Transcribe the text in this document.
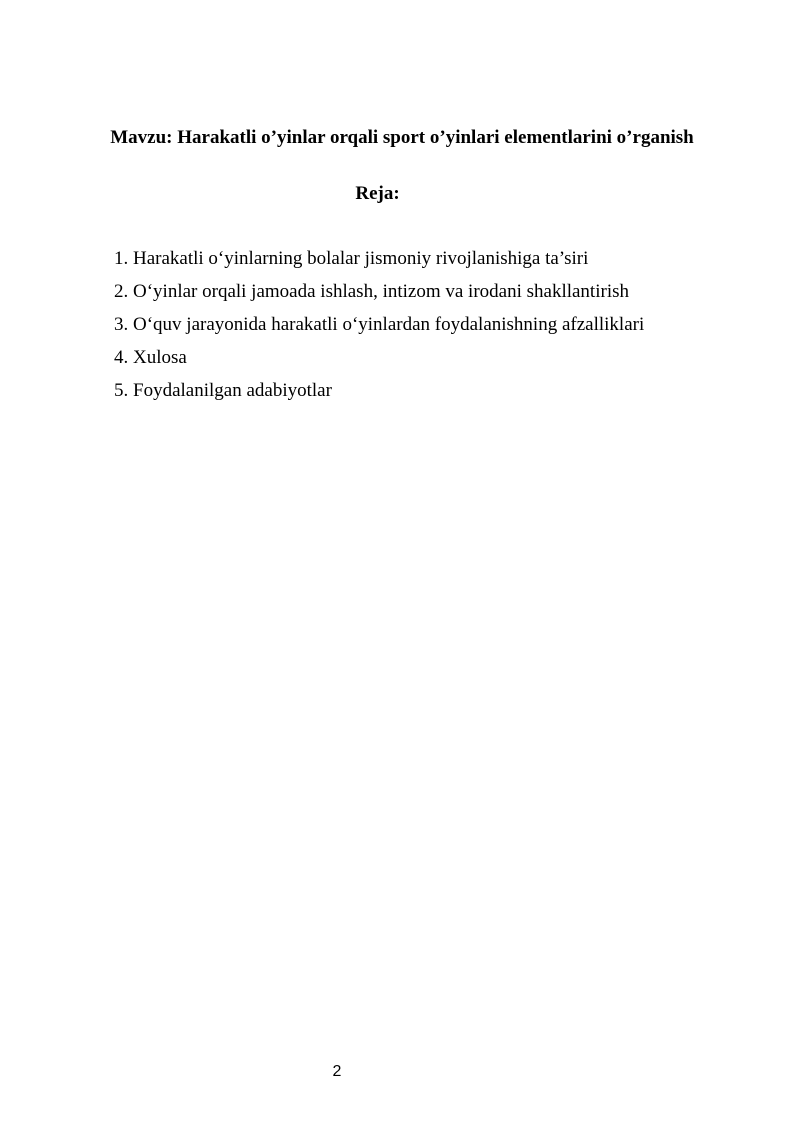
Mavzu: Harakatli o’yinlar orqali sport o’yinlari elementlarini o’rganish
Reja:
1. Harakatli o‘yinlarning bolalar jismoniy rivojlanishiga ta’siri
2. O‘yinlar orqali jamoada ishlash, intizom va irodani shakllantirish
3. O‘quv jarayonida harakatli o‘yinlardan foydalanishning afzalliklari
4. Xulosa
5. Foydalanilgan adabiyotlar
2
